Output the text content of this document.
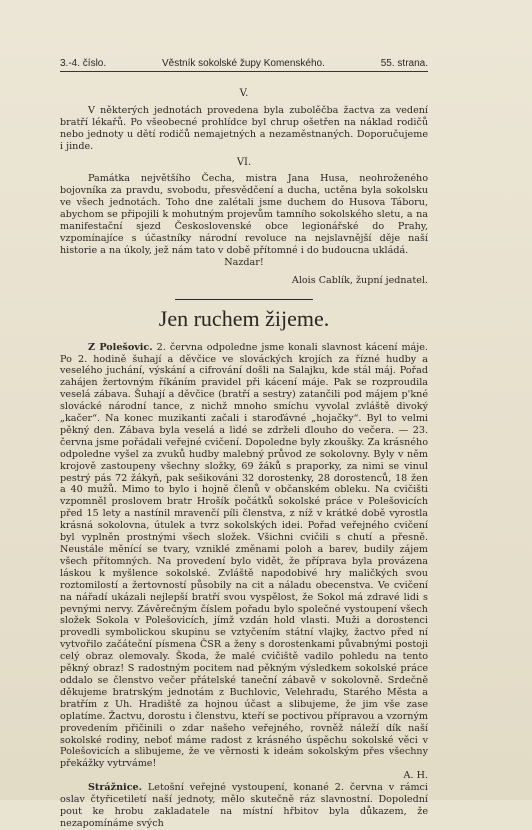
3.-4. číslo.	Věstník sokolské župy Komenského.	55. strana.
V.

V některých jednotách provedena byla zubolěčba žactva za vedení bratří lékařů. Po všeobecné prohlídce byl chrup ošetřen na náklad rodičů nebo jednoty u dětí rodičů nemajetných a nezaměstnaných. Doporučujeme i jinde.

VI.

Památka největšího Čecha, mistra Jana Husa, neohroženého bojovníka za pravdu, svobodu, přesvědčení a ducha, uctěna byla sokolsku ve všech jednotách. Toho dne zalétali jsme duchem do Husova Táboru, abychom se připojili k mohutným projevům tamního sokolského sletu, a na manifestační sjezd Československé obce legionářské do Prahy, vzpomínajíce s účastníky národní revoluce na nejslavnější děje naší historie a na úkoly, jež nám tato v době přítomné i do budoucna ukládá.

Nazdar!
Alois Cablík, župní jednatel.
Jen ruchem žijeme.

Z Polešovic. 2. června odpoledne jsme konali slavnost kácení máje. Po 2. hodině šuhají a děvčice ve slováckých krojích za řízné hudby a veselého juchání, výskání a cifrování došli na Salajku, kde stál máj. Pořad zahájen žertovným říkáním pravidel při kácení máje. Pak se rozproudila veselá zábava. Šuhají a děvčice (bratří a sestry) zatančili pod májem p'kné slovácké národní tance, z nichž mnoho smíchu vyvolal zvláště divoký „kačer“. Na konec muzikanti začali i staroďávné „hojačky“. Byl to velmi pěkný den. Zábava byla veselá a lidé se zdrželi dlouho do večera. — 23. června jsme pořádali veřejné cvičení. Dopoledne byly zkoušky. Za krásného odpoledne vyšel za zvuků hudby malebný průvod ze sokolovny. Byly v něm krojově zastoupeny všechny složky, 69 žáků s praporky, za nimi se vinul pestrý pás 72 žákyň, pak sešikováni 32 dorostenky, 28 dorostenců, 18 žen a 40 mužů. Mimo to bylo i hojně členů v občanském obleku. Na cvičišti vzpomněl proslovem bratr Hrošík počátků sokolské práce v Polešovicích před 15 lety a nastínil mravenčí píli členstva, z níž v krátké době vyrostla krásná sokolovna, útulek a tvrz sokolských idei. Pořad veřejného cvičení byl vyplněn prostnými všech složek. Všichni cvičili s chutí a přesně. Neustále měnící se tvary, vzniklé změnami poloh a barev, budily zájem všech přítomných. Na provedení bylo vidět, že příprava byla provázena láskou k myšlence sokolské. Zvláště napodobivé hry maličkých svou roztomilostí a žertovností působily na cit a náladu obecenstva. Ve cvičení na nářadí ukázali nejlepší bratří svou vyspělost, že Sokol má zdravé lidi s pevnými nervy. Závěrečným číslem pořadu bylo společné vystoupení všech složek Sokola v Polešovicích, jímž vzdán hold vlasti. Muži a dorostenci provedli symbolickou skupinu se vztyčením státní vlajky, žactvo před ní vytvořilo začáteční písmena ČSR a ženy s dorostenkami půvabnými postoji celý obraz olemovaly. Škoda, že malé cvičiště vadilo pohledu na tento pěkný obraz! S radostným pocitem nad pěkným výsledkem sokolské práce oddalo se členstvo večer přátelské taneční zábavě v sokolovně. Srdečně děkujeme bratrským jednotám z Buchlovic, Velehradu, Starého Města a bratřím z Uh. Hradiště za hojnou účast a slibujeme, že jim vše zase oplatíme. Žactvu, dorostu i členstvu, kteří se poctivou přípravou a vzorným provedením přičinili o zdar našeho veřejného, rovněž náleží dík naší sokolské rodiny, neboť máme radost z krásného úspěchu sokolské věci v Polešovicích a slibujeme, že ve věrnosti k ideám sokolským přes všechny překážky vytrváme!

A. H.

Strážnice. Letošní veřejné vystoupení, konané 2. června v rámci oslav čtyřicetiletí naší jednoty, mělo skutečně ráz slavnostní. Dopolední pout ke hrobu zakladatele na místní hřbitov byla důkazem, že nezapomínáme svých
